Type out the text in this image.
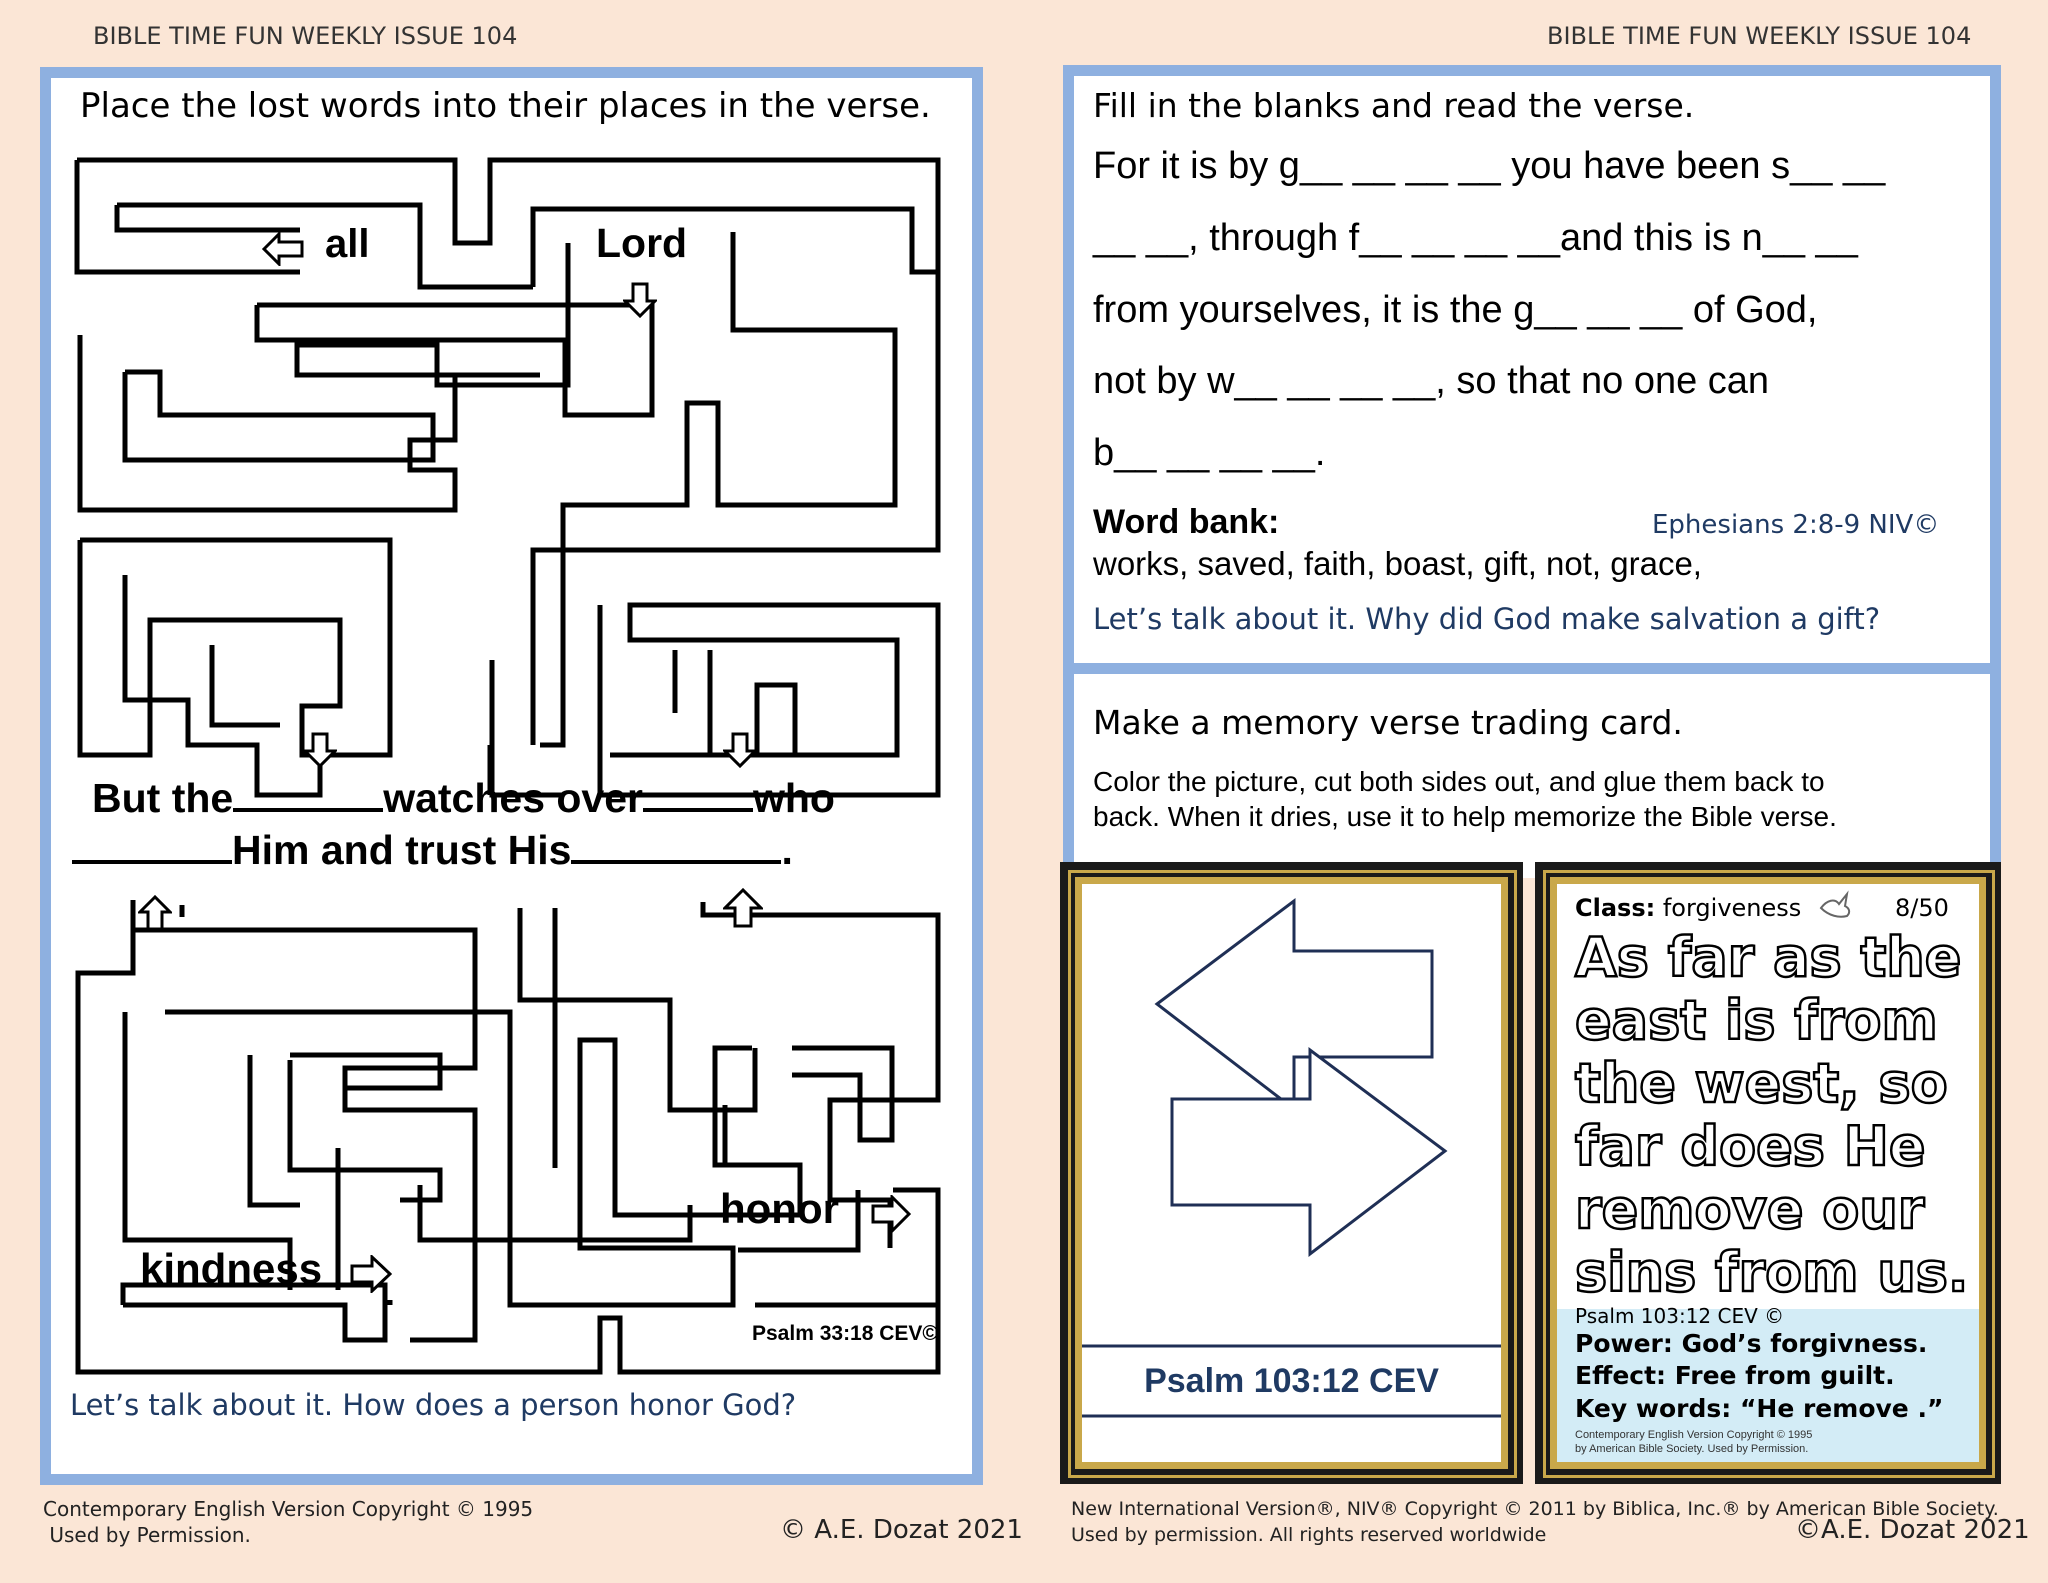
BIBLE TIME FUN WEEKLY ISSUE 104	BIBLE TIME FUN WEEKLY ISSUE 104
Place the lost words into their places in the verse.
all	Lord
But the	watches over	who
Him and trust His	.
honor
kindness
Psalm 33:18 CEV©
Let’s talk about it. How does a person honor God?
Fill in the blanks and read the verse.
For it is by g__ __ __ __ you have been s__ __
__ __, through f__ __ __ __and this is n__ __
from yourselves, it is the g__ __ __ of God,
not by w__ __ __ __, so that no one can
b__ __ __ __.
Word bank:	Ephesians 2:8-9 NIV©
works, saved, faith, boast, gift, not, grace,
Let’s talk about it. Why did God make salvation a gift?
Make a memory verse trading card.
Color the picture, cut both sides out, and glue them back to
back. When it dries, use it to help memorize the Bible verse.
Psalm 103:12 CEV
Class: forgiveness	8/50
As far as the
east is from
the west, so
far does He
remove our
sins from us.
Psalm 103:12 CEV ©
Power: God’s forgivness.
Effect: Free from guilt.
Key words: “He remove .”
Contemporary English Version Copyright © 1995
by American Bible Society. Used by Permission.
Contemporary English Version Copyright © 1995
Used by Permission.	© A.E. Dozat 2021
New International Version®, NIV® Copyright © 2011 by Biblica, Inc.® by American Bible Society.
Used by permission. All rights reserved worldwide	©A.E. Dozat 2021
